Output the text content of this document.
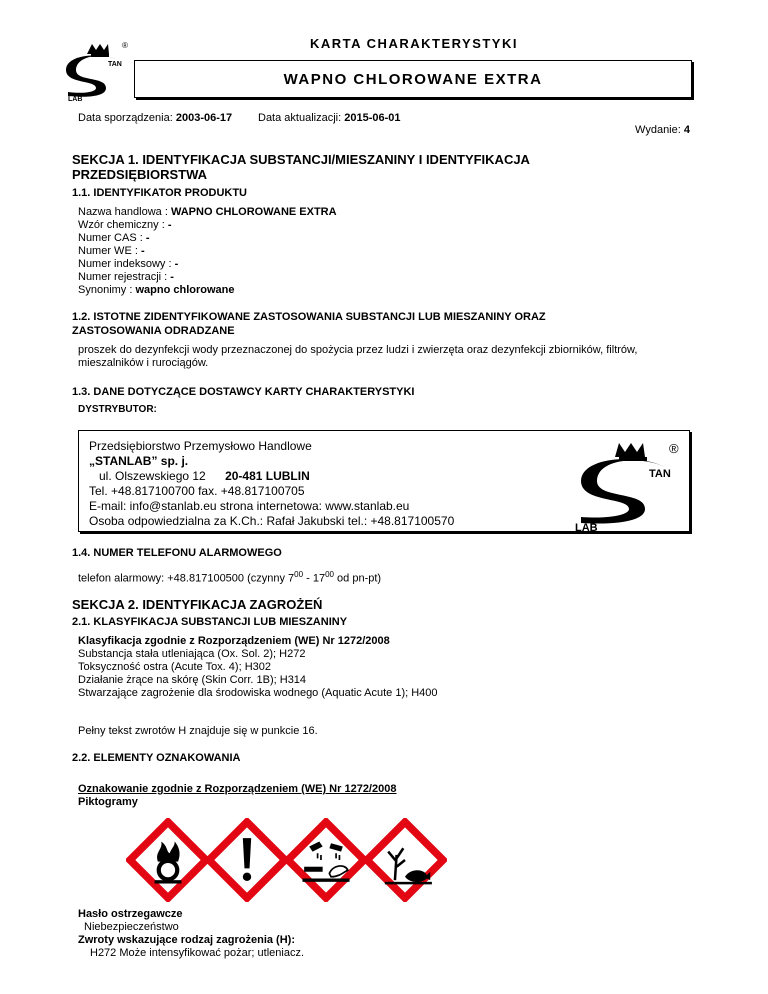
TAN
LAB
®	KARTA CHARAKTERYSTYKI
WAPNO CHLOROWANE EXTRA
Data sporządzenia: 2003-06-17 Data aktualizacji: 2015-06-01
Wydanie: 4
SEKCJA 1. IDENTYFIKACJA SUBSTANCJI/MIESZANINY I IDENTYFIKACJA
PRZEDSIĘBIORSTWA
1.1. IDENTYFIKATOR PRODUKTU
Nazwa handlowa : WAPNO CHLOROWANE EXTRA
Wzór chemiczny : -
Numer CAS : -
Numer WE : -
Numer indeksowy : -
Numer rejestracji : -
Synonimy : wapno chlorowane
1.2. ISTOTNE ZIDENTYFIKOWANE ZASTOSOWANIA SUBSTANCJI LUB MIESZANINY ORAZ
ZASTOSOWANIA ODRADZANE
proszek do dezynfekcji wody przeznaczonej do spożycia przez ludzi i zwierzęta oraz dezynfekcji zbiorników, filtrów,
mieszalników i rurociągów.
1.3. DANE DOTYCZĄCE DOSTAWCY KARTY CHARAKTERYSTYKI
DYSTRYBUTOR:
Przedsiębiorstwo Przemysłowo Handlowe
„STANLAB” sp. j.
ul. Olszewskiego 12 20-481 LUBLIN
Tel. +48.817100700 fax. +48.817100705
E-mail: info@stanlab.eu strona internetowa: www.stanlab.eu
Osoba odpowiedzialna za K.Ch.: Rafał Jakubski tel.: +48.817100570
TAN
LAB
®
1.4. NUMER TELEFONU ALARMOWEGO
telefon alarmowy: +48.817100500 (czynny $7^{00} - 17^{00}$ od pn-pt)
SEKCJA 2. IDENTYFIKACJA ZAGROŻEŃ
2.1. KLASYFIKACJA SUBSTANCJI LUB MIESZANINY
Klasyfikacja zgodnie z Rozporządzeniem (WE) Nr 1272/2008
Substancja stała utleniająca (Ox. Sol. 2); H272
Toksyczność ostra (Acute Tox. 4); H302
Działanie żrące na skórę (Skin Corr. 1B); H314
Stwarzające zagrożenie dla środowiska wodnego (Aquatic Acute 1); H400
Pełny tekst zwrotów H znajduje się w punkcie 16.
2.2. ELEMENTY OZNAKOWANIA
Oznakowanie zgodnie z Rozporządzeniem (WE) Nr 1272/2008
Piktogramy
Hasło ostrzegawcze
Niebezpieczeństwo
Zwroty wskazujące rodzaj zagrożenia (H):
H272 Może intensyfikować pożar; utleniacz.
